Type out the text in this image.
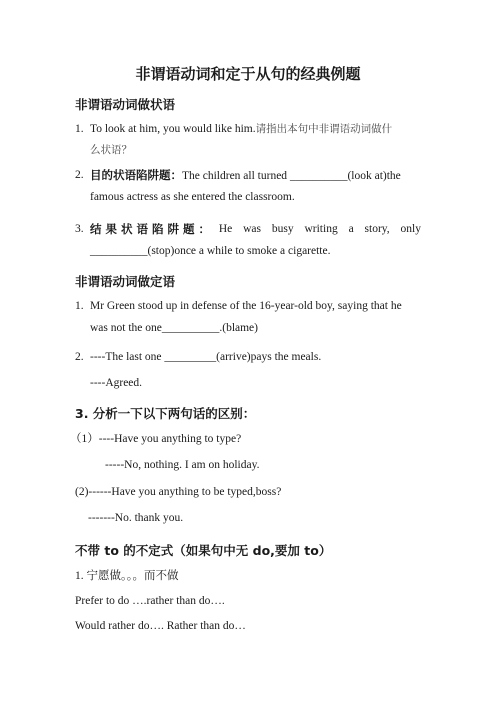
非谓语动词和定于从句的经典例题
非谓语动词做状语
1. To look at him, you would like him.请指出本句中非谓语动词做什
么状语？
2. 目的状语陷阱题：The children all turned __________(look at)the
famous actress as she entered the classroom.
3. 结果状语陷阱题： He was busy writing a story, only
__________(stop)once a while to smoke a cigarette.
非谓语动词做定语
1. Mr Green stood up in defense of the 16-year-old boy, saying that he
was not the one__________.(blame)
2. ----The last one _________(arrive)pays the meals.
----Agreed.
3. 分析一下以下两句话的区别：
（1）----Have you anything to type?
-----No, nothing. I am on holiday.
(2)------Have you anything to be typed,boss?
-------No. thank you.
不带 to 的不定式（如果句中无 do,要加 to）
1. 宁愿做。。。而不做
Prefer to do ….rather than do….
Would rather do…. Rather than do…
